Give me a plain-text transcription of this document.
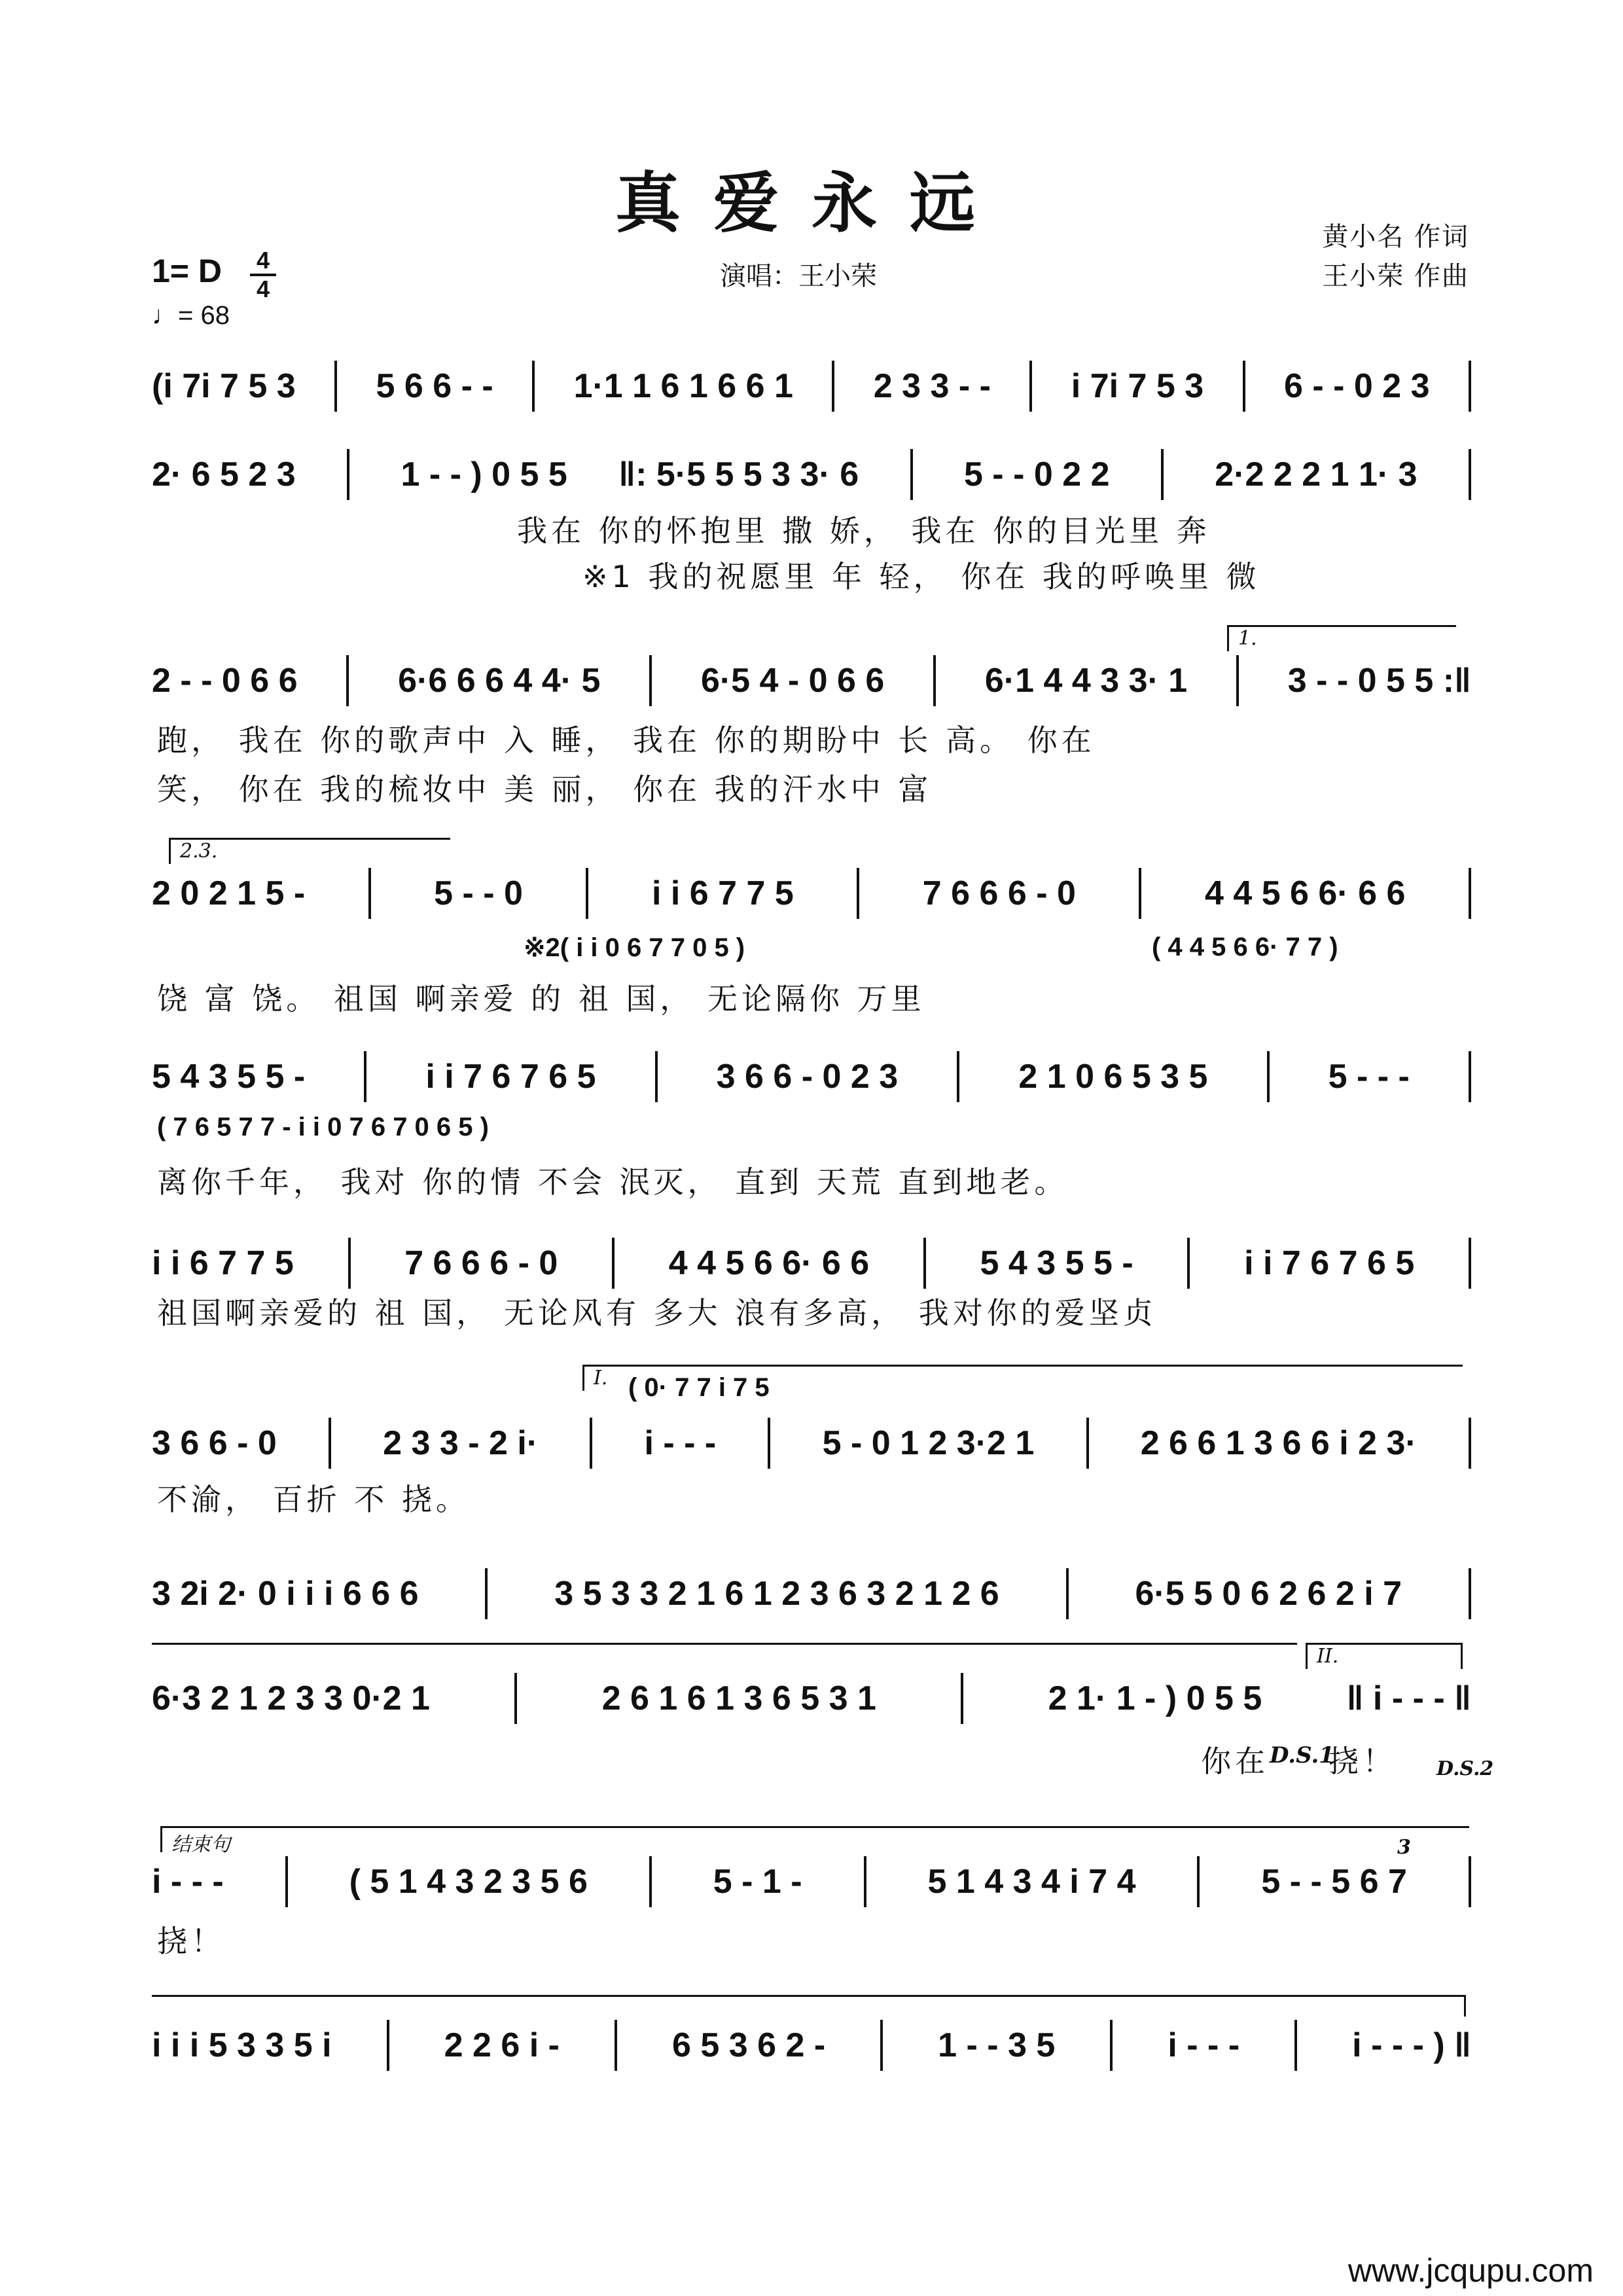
真爱永远
1= D 4
4
♩= 68
演唱：王小荣
黄小名 作词
王小荣 作曲
(i 7i 7 5 3 5 6 6 - - 1·1 1 6 1 6 6 1 2 3 3 - - i 7i 7 5 3 6 - - 0 2 3
2· 6 5 2 3	1 - - ) 0 5 5 ‖: 5·5 5 5 3 3· 6	5 - - 0 2 2	2·2 2 2 1 1· 3
我在 你的怀抱里 撒 娇， 我在 你的目光里 奔
※1 我的祝愿里 年 轻， 你在 我的呼唤里 微
1.
2 - - 0 6 6	6·6 6 6 4 4· 5	6·5 4 - 0 6 6	6·1 4 4 3 3· 1	3 - - 0 5 5 :‖
跑， 我在 你的歌声中 入 睡， 我在 你的期盼中 长 高。 你在
笑， 你在 我的梳妆中 美 丽， 你在 我的汗水中 富
2.3.
2 0 2 1 5 -	5 - - 0	i i 6 7 7 5	7 6 6 6 - 0	4 4 5 6 6· 6 6
※2( i i 0 6 7 7 0 5 )	( 4 4 5 6 6· 7 7 )
饶 富 饶。 祖国 啊亲爱 的 祖 国， 无论隔你 万里
5 4 3 5 5 -	i i 7 6 7 6 5	3 6 6 - 0 2 3	2 1 0 6 5 3 5	5 - - -
( 7 6 5 7 7 - i i 0 7 6 7 0 6 5 )
离你千年， 我对 你的情 不会 泯灭， 直到 天荒 直到地老。
i i 6 7 7 5	7 6 6 6 - 0	4 4 5 6 6· 6 6	5 4 3 5 5 -	i i 7 6 7 6 5
祖国啊亲爱的 祖 国， 无论风有 多大 浪有多高， 我对你的爱坚贞
I. ( 0· 7 7 i 7 5
3 6 6 - 0	2 3 3 - 2 i·	i - - -	5 - 0 1 2 3·2 1	2 6 6 1 3 6 6 i 2 3·
不渝， 百折 不 挠。
3 2i 2· 0 i i i 6 6 6	3 5 3 3 2 1 6 1 2 3 6 3 2 1 2 6	6·5 5 0 6 2 6 2 i 7
II.
6·3 2 1 2 3 3 0·2 1	2 6 1 6 1 3 6 5 3 1	2 1· 1 - ) 0 5 5 ‖ i - - - ‖
你在 D.S.1
挠！ D.S.2
结束句
i - - -	( 5 1 4 3 2 3 5 6	5 - 1 -	5 1 4 3 4 i 7 4	5 - - 5 6 7
3
挠！
i i i 5 3 3 5 i	2 2 6 i -	6 5 3 6 2 -	1 - - 3 5	i - - -	i - - - ) ‖
www.jcqupu.com
